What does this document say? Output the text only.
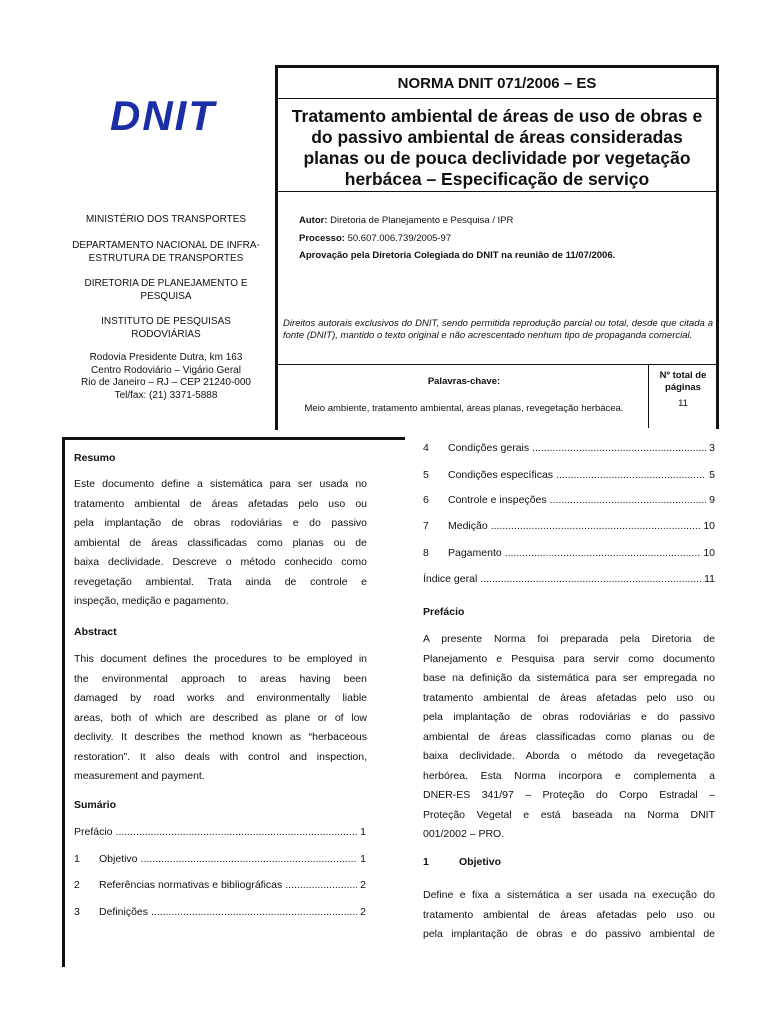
DNIT
NORMA DNIT 071/2006 – ES
Tratamento ambiental de áreas de uso de obras e
do passivo ambiental de áreas consideradas
planas ou de pouca declividade por vegetação
herbácea – Especificação de serviço
MINISTÉRIO DOS TRANSPORTES
DEPARTAMENTO NACIONAL DE INFRA-
ESTRUTURA DE TRANSPORTES
DIRETORIA DE PLANEJAMENTO E
PESQUISA
INSTITUTO DE PESQUISAS
RODOVIÁRIAS
Rodovia Presidente Dutra, km 163
Centro Rodoviário – Vigário Geral
Rio de Janeiro – RJ – CEP 21240-000
Tel/fax: (21) 3371-5888
Autor: Diretoria de Planejamento e Pesquisa / IPR
Processo: 50.607.006.739/2005-97
Aprovação pela Diretoria Colegiada do DNIT na reunião de 11/07/2006.
Direitos autorais exclusivos do DNIT, sendo permitida reprodução parcial ou total, desde que citada a fonte (DNIT), mantido o texto original e não acrescentado nenhum tipo de propaganda comercial.
Palavras-chave:
Meio ambiente, tratamento ambiental, áreas planas, revegetação herbácea.
Nº total de
páginas
11
Resumo
Este documento define a sistemática para ser usada no
tratamento ambiental de áreas afetadas pelo uso ou
pela implantação de obras rodoviárias e do passivo
ambiental de áreas classificadas como planas ou de
baixa declividade. Descreve o método conhecido como
revegetação ambiental. Trata ainda de controle e
inspeção, medição e pagamento.
Abstract
This document defines the procedures to be employed in
the environmental approach to areas having been
damaged by road works and environmentally liable
areas, both of which are described as plane or of low
declivity. It describes the method known as “herbaceous
restoration”. It also deals with control and inspection,
measurement and payment.
Sumário
Prefácio .....	1
1	Objetivo .....	1
2	Referências normativas e bibliográficas .....	2
3	Definições .....	2
4	Condições gerais .....	3
5	Condições específicas .....	5
6	Controle e inspeções .....	9
7	Medição .....	10
8	Pagamento .....	10
Índice geral .....	11
Prefácio
A presente Norma foi preparada pela Diretoria de
Planejamento e Pesquisa para servir como documento
base na definição da sistemática para ser empregada no
tratamento ambiental de áreas afetadas pelo uso ou
pela implantação de obras rodoviárias e do passivo
ambiental de áreas classificadas como planas ou de
baixa declividade. Aborda o método da revegetação
herbórea. Esta Norma incorpora e complementa a
DNER-ES 341/97 – Proteção do Corpo Estradal –
Proteção Vegetal e está baseada na Norma DNIT
001/2002 – PRO.
1	Objetivo
Define e fixa a sistemática a ser usada na execução do
tratamento ambiental de áreas afetadas pelo uso ou
pela implantação de obras e do passivo ambiental de
